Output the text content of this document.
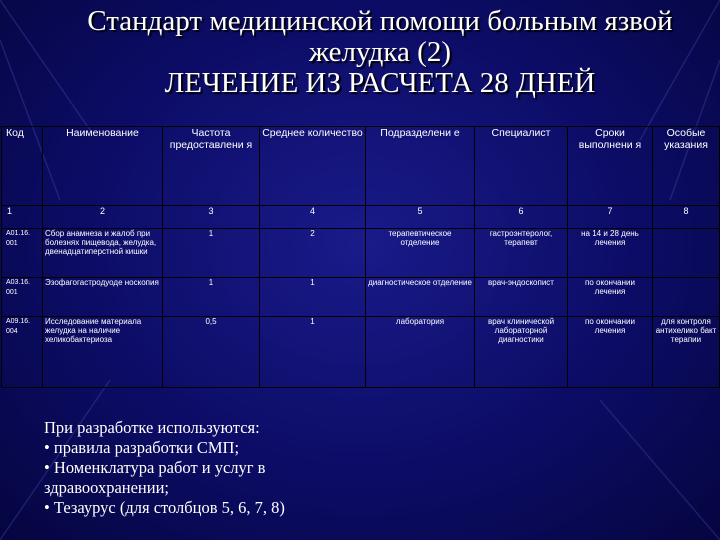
Стандарт медицинской помощи больным язвой
желудка (2)
ЛЕЧЕНИЕ ИЗ РАСЧЕТА 28 ДНЕЙ
Код	Наименование	Частота предоставлени я	Среднее количество	Подразделени е	Специалист	Сроки выполнени я	Особые указания
1	2	3	4	5	6	7	8
A01.16. 001	Сбор анамнеза и жалоб при болезнях пищевода, желудка, двенадцатиперстной кишки	1	2	терапевтическое отделение	гастроэнтеролог, терапевт	на 14 и 28 день лечения	
A03.16. 001	Эзофагогастродуоде носкопия	1	1	диагностическое отделение	врач-эндоскопист	по окончании лечения	
A09.16. 004	Исследование материала желудка на наличие хеликобактериоза	0,5	1	лаборатория	врач клинической лабораторной диагностики	по окончании лечения	для контроля антихелико бакт терапии
При разработке используются:
• правила разработки СМП;
• Номенклатура работ и услуг в
здравоохранении;
• Тезаурус (для столбцов 5, 6, 7, 8)
